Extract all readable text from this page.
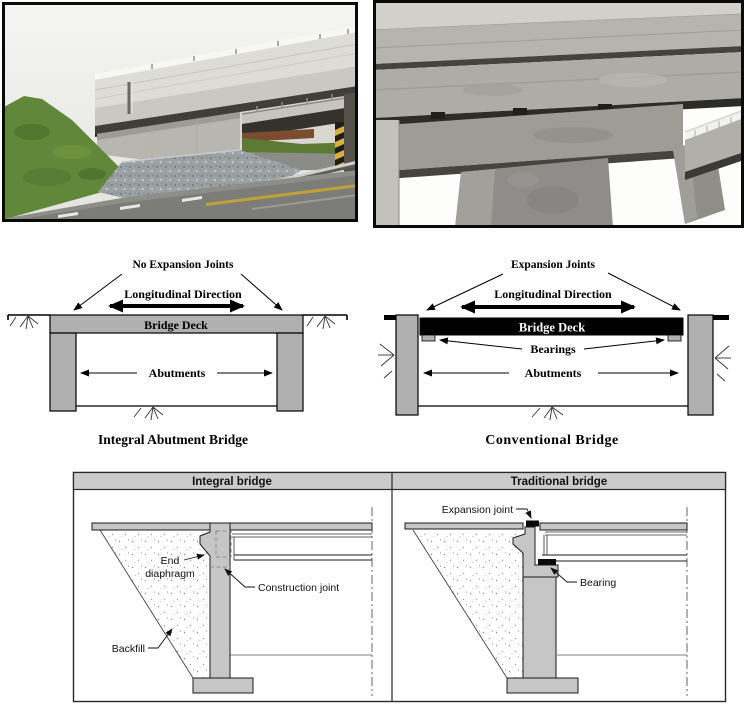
No Expansion Joints
Longitudinal Direction
Bridge Deck
Abutments
Integral Abutment Bridge
Expansion Joints
Longitudinal Direction
Bridge Deck
Bearings
Abutments
Conventional Bridge
Integral bridge	Traditional bridge
End
diaphragm
Construction joint
Backfill
Expansion joint
Bearing
